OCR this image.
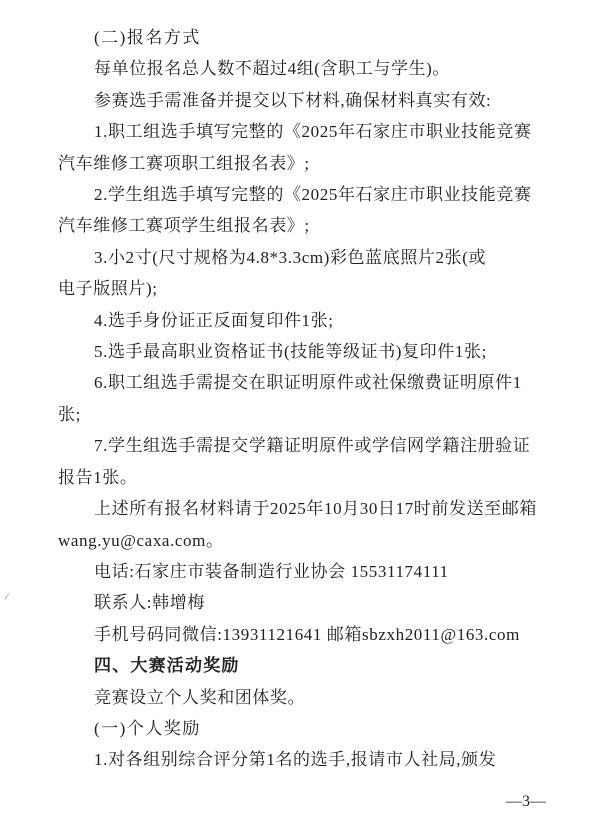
(二)报名方式

每单位报名总人数不超过4组(含职工与学生)。

参赛选手需准备并提交以下材料,确保材料真实有效:

1.职工组选手填写完整的《2025年石家庄市职业技能竞赛

汽车维修工赛项职工组报名表》;

2.学生组选手填写完整的《2025年石家庄市职业技能竞赛

汽车维修工赛项学生组报名表》;

3.小2寸(尺寸规格为4.8*3.3cm)彩色蓝底照片2张(或

电子版照片);

4.选手身份证正反面复印件1张;

5.选手最高职业资格证书(技能等级证书)复印件1张;

6.职工组选手需提交在职证明原件或社保缴费证明原件1

张;

7.学生组选手需提交学籍证明原件或学信网学籍注册验证

报告1张。

上述所有报名材料请于2025年10月30日17时前发送至邮箱

wang.yu@caxa.com。

电话:石家庄市装备制造行业协会 15531174111

联系人:韩增梅

手机号码同微信:13931121641 邮箱sbzxh2011@163.com

四、大赛活动奖励

竞赛设立个人奖和团体奖。

(一)个人奖励

1.对各组别综合评分第1名的选手,报请市人社局,颁发

—3—
